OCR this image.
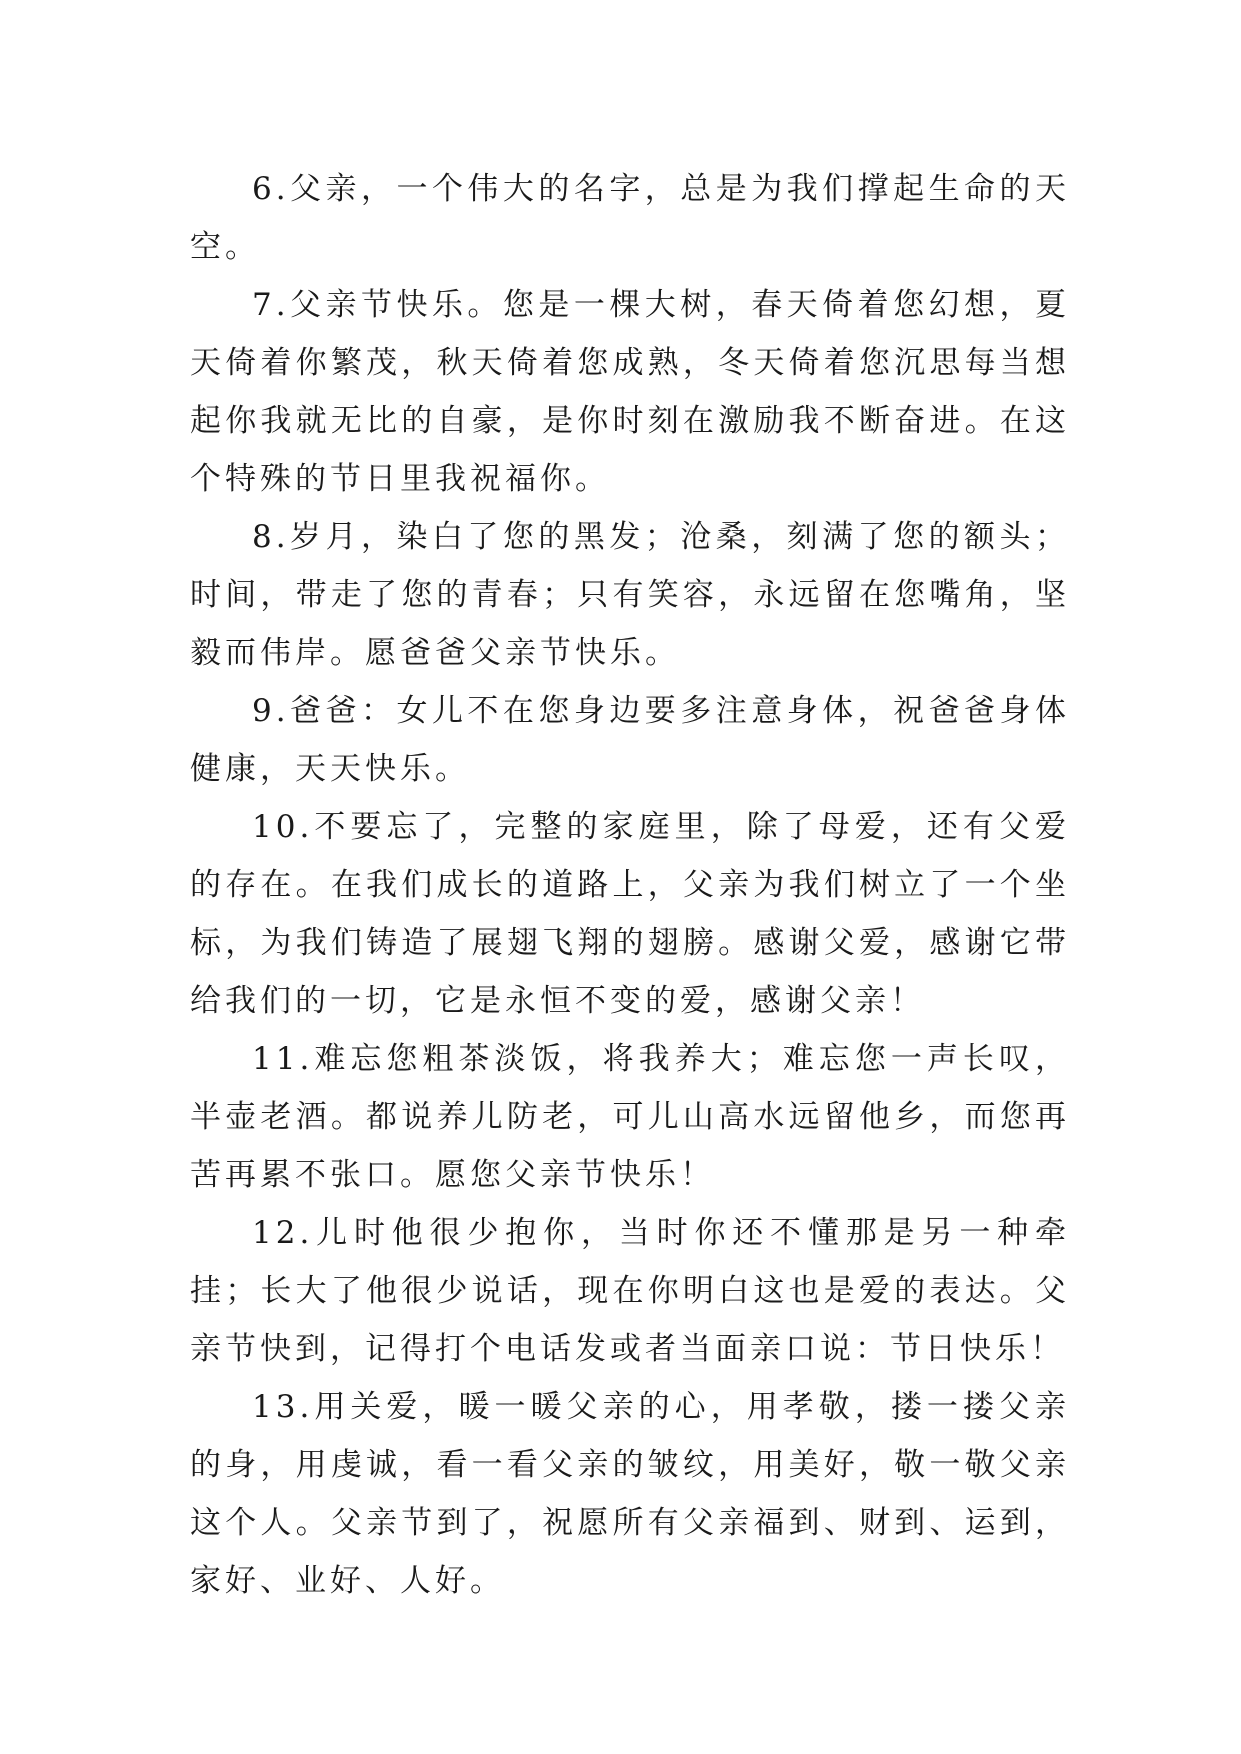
6.父亲，一个伟大的名字，总是为我们撑起生命的天空。

7.父亲节快乐。您是一棵大树，春天倚着您幻想，夏天倚着你繁茂，秋天倚着您成熟，冬天倚着您沉思每当想起你我就无比的自豪，是你时刻在激励我不断奋进。在这个特殊的节日里我祝福你。

8.岁月，染白了您的黑发；沧桑，刻满了您的额头；时间，带走了您的青春；只有笑容，永远留在您嘴角，坚毅而伟岸。愿爸爸父亲节快乐。

9.爸爸：女儿不在您身边要多注意身体，祝爸爸身体健康，天天快乐。

10.不要忘了，完整的家庭里，除了母爱，还有父爱的存在。在我们成长的道路上，父亲为我们树立了一个坐标，为我们铸造了展翅飞翔的翅膀。感谢父爱，感谢它带给我们的一切，它是永恒不变的爱，感谢父亲！

11.难忘您粗茶淡饭，将我养大；难忘您一声长叹，半壶老酒。都说养儿防老，可儿山高水远留他乡，而您再苦再累不张口。愿您父亲节快乐！

12.儿时他很少抱你，当时你还不懂那是另一种牵挂；长大了他很少说话，现在你明白这也是爱的表达。父亲节快到，记得打个电话发或者当面亲口说：节日快乐！

13.用关爱，暖一暖父亲的心，用孝敬，搂一搂父亲的身，用虔诚，看一看父亲的皱纹，用美好，敬一敬父亲这个人。父亲节到了，祝愿所有父亲福到、财到、运到，家好、业好、人好。
